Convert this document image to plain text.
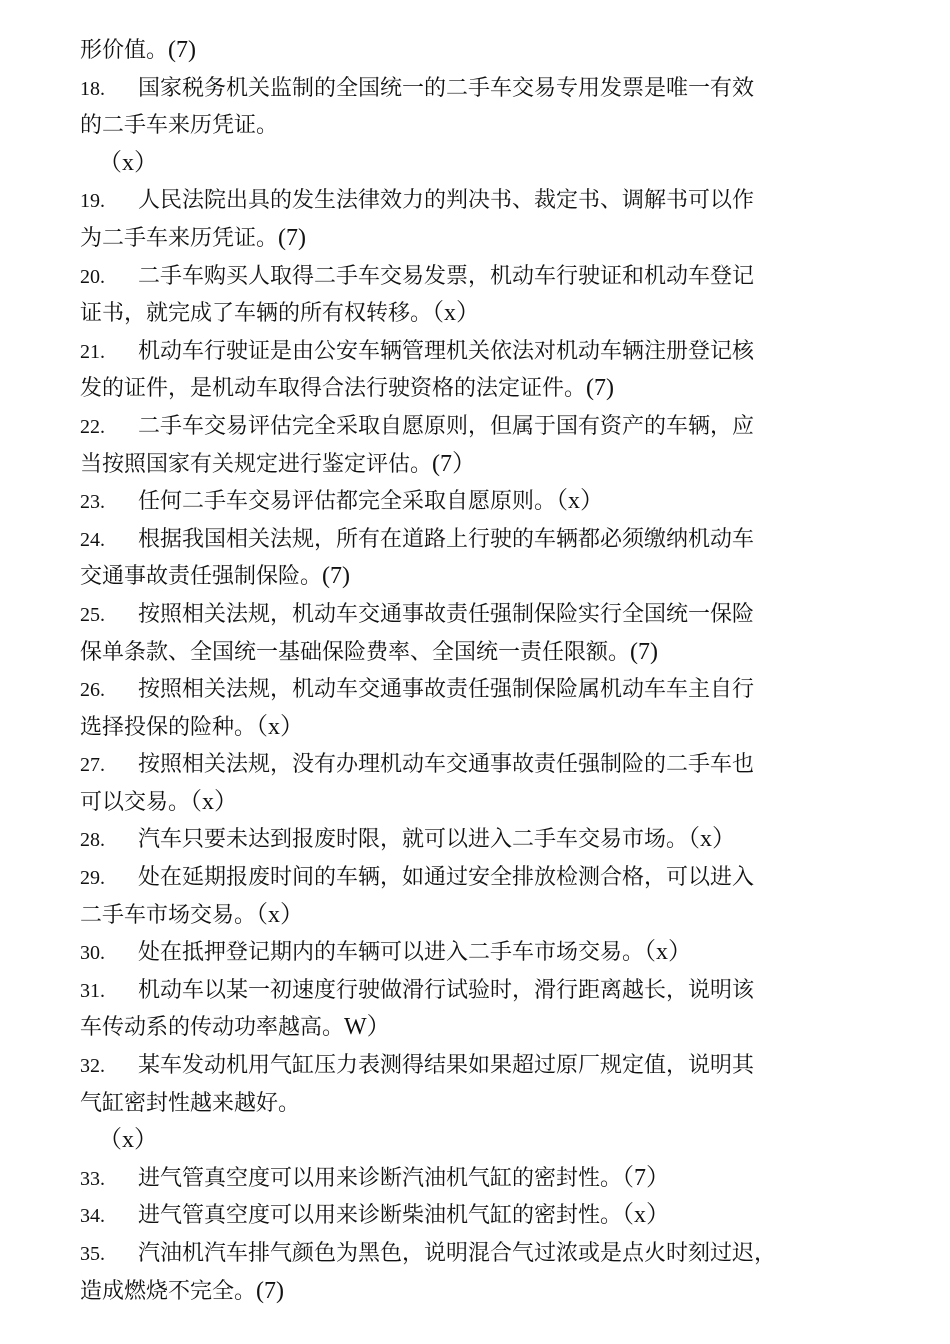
形价值。(7)
18. 国家税务机关监制的全国统一的二手车交易专用发票是唯一有效
的二手车来历凭证。
（x）
19. 人民法院出具的发生法律效力的判决书、裁定书、调解书可以作
为二手车来历凭证。(7)
20. 二手车购买人取得二手车交易发票，机动车行驶证和机动车登记
证书，就完成了车辆的所有权转移。（x）
21. 机动车行驶证是由公安车辆管理机关依法对机动车辆注册登记核
发的证件，是机动车取得合法行驶资格的法定证件。(7)
22. 二手车交易评估完全采取自愿原则，但属于国有资产的车辆，应
当按照国家有关规定进行鉴定评估。(7）
23. 任何二手车交易评估都完全采取自愿原则。（x）
24. 根据我国相关法规，所有在道路上行驶的车辆都必须缴纳机动车
交通事故责任强制保险。(7)
25. 按照相关法规，机动车交通事故责任强制保险实行全国统一保险
保单条款、全国统一基础保险费率、全国统一责任限额。(7)
26. 按照相关法规，机动车交通事故责任强制保险属机动车车主自行
选择投保的险种。（x）
27. 按照相关法规，没有办理机动车交通事故责任强制险的二手车也
可以交易。（x）
28. 汽车只要未达到报废时限，就可以进入二手车交易市场。（x）
29. 处在延期报废时间的车辆，如通过安全排放检测合格，可以进入
二手车市场交易。（x）
30. 处在抵押登记期内的车辆可以进入二手车市场交易。（x）
31. 机动车以某一初速度行驶做滑行试验时，滑行距离越长，说明该
车传动系的传动功率越高。W）
32. 某车发动机用气缸压力表测得结果如果超过原厂规定值，说明其
气缸密封性越来越好。
（x）
33. 进气管真空度可以用来诊断汽油机气缸的密封性。（7）
34. 进气管真空度可以用来诊断柴油机气缸的密封性。（x）
35. 汽油机汽车排气颜色为黑色，说明混合气过浓或是点火时刻过迟，
造成燃烧不完全。(7)
